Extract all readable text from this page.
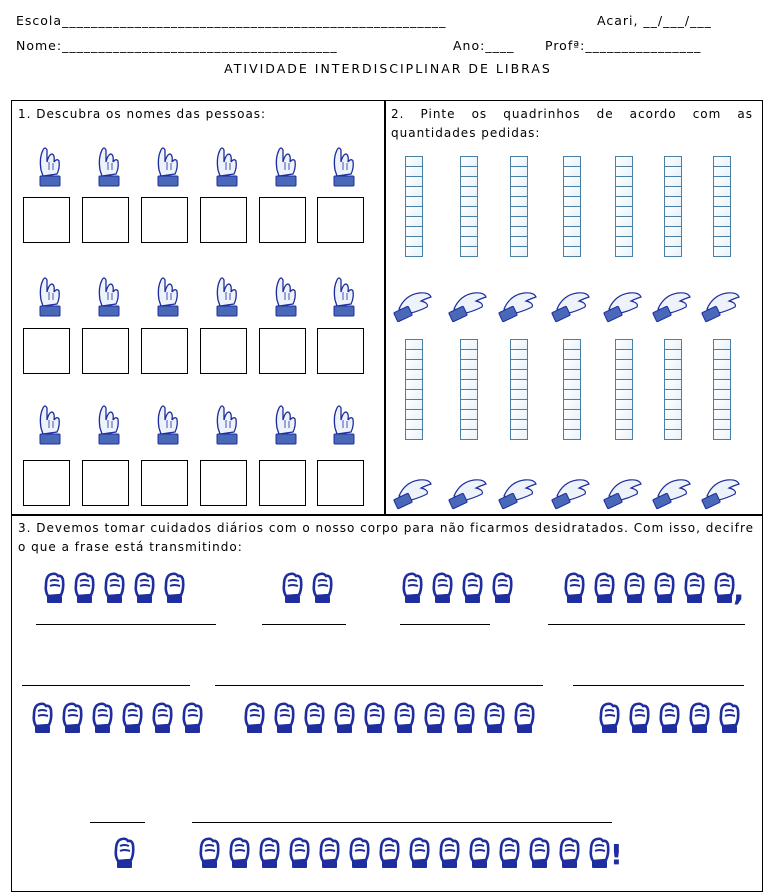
Escola_____________________________________________________	Acari, __/___/___
Nome:______________________________________	Ano:____ Profª:________________
ATIVIDADE INTERDISCIPLINAR DE LIBRAS
1. Descubra os nomes das pessoas:	2. Pinte os quadrinhos de acordo com as quantidades pedidas:
3. Devemos tomar cuidados diários com o nosso corpo para não ficarmos desidratados. Com isso, decifre o que a frase está transmitindo:
,
!
